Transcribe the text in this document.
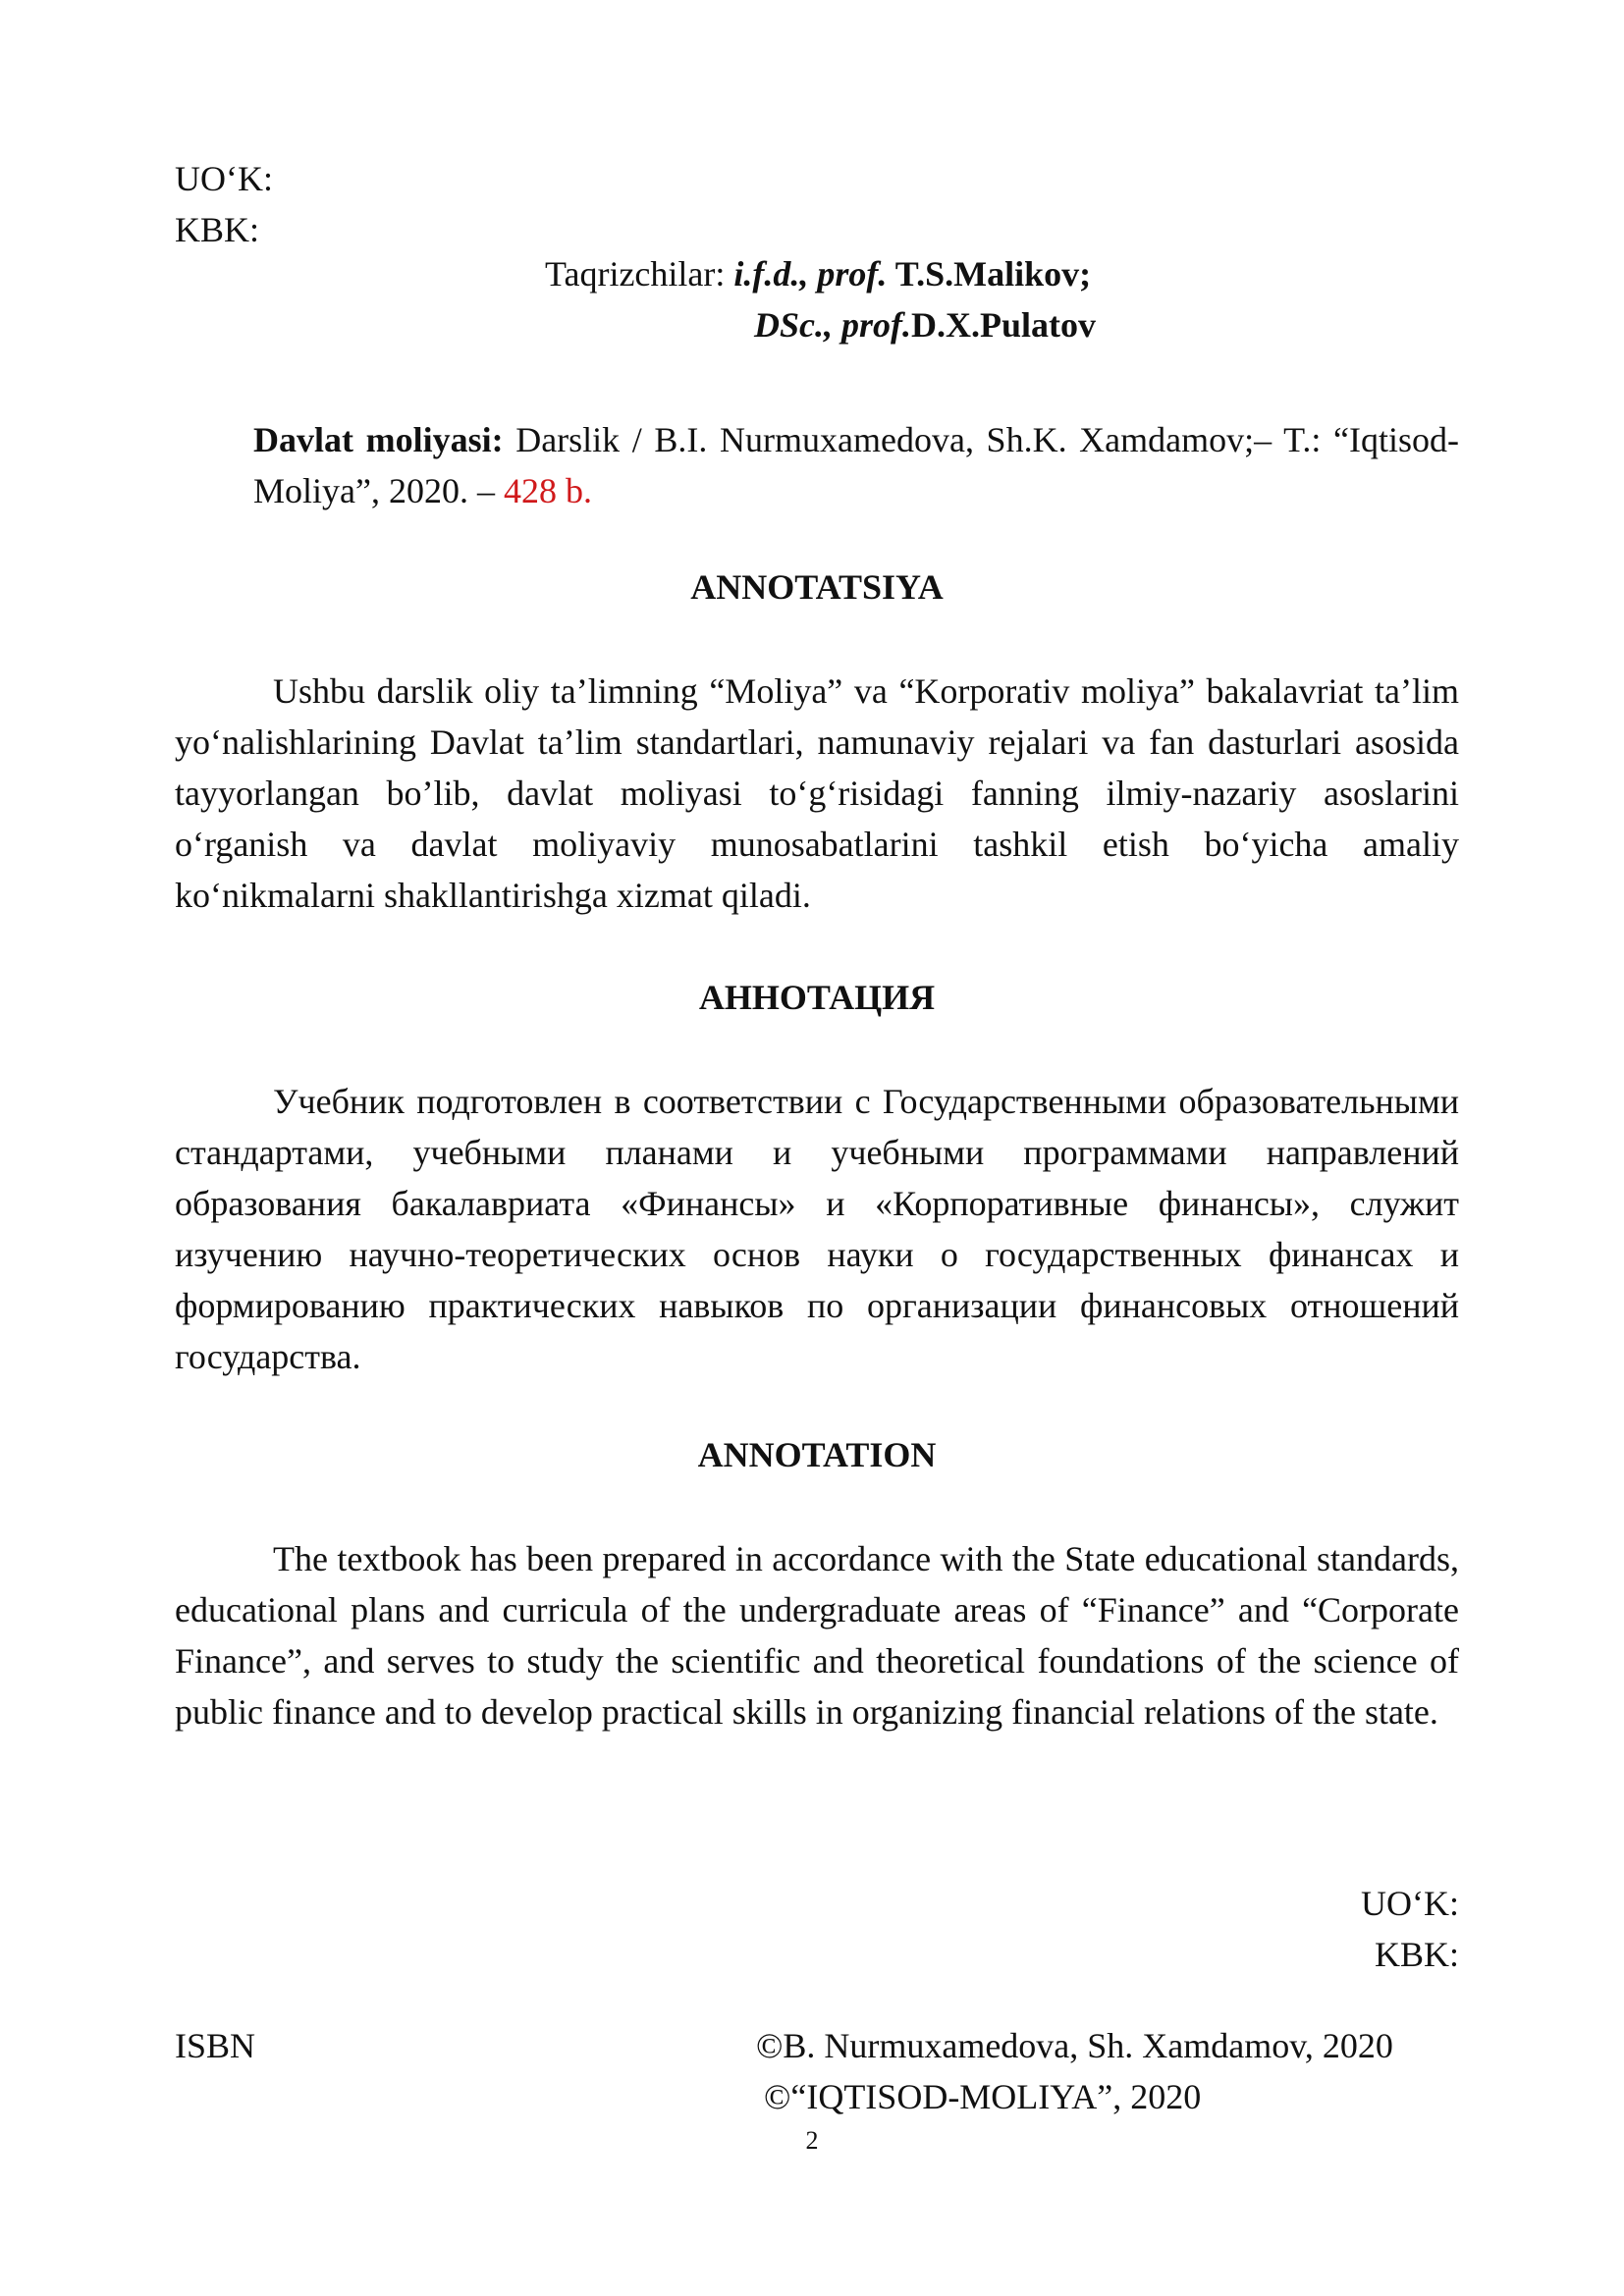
UO‘K:
KBK:
Taqrizchilar: i.f.d., prof. T.S.Malikov;
DSc., prof.D.X.Pulatov
Davlat moliyasi: Darslik / B.I. Nurmuxamedova, Sh.K. Xamdamov;– T.: “Iqtisod-Moliya”, 2020. – 428 b.
ANNOTATSIYA
Ushbu darslik oliy ta’limning “Moliya” va “Korporativ moliya” bakalavriat ta’lim yo‘nalishlarining Davlat ta’lim standartlari, namunaviy rejalari va fan dasturlari asosida tayyorlangan bo’lib, davlat moliyasi to‘g‘risidagi fanning ilmiy-nazariy asoslarini o‘rganish va davlat moliyaviy munosabatlarini tashkil etish bo‘yicha amaliy ko‘nikmalarni shakllantirishga xizmat qiladi.
АННОТАЦИЯ
Учебник подготовлен в соответствии с Государственными образовательными стандартами, учебными планами и учебными программами направлений образования бакалавриата «Финансы» и «Корпоративные финансы», служит изучению научно-теоретических основ науки о государственных финансах и формированию практических навыков по организации финансовых отношений государства.
ANNOTATION
The textbook has been prepared in accordance with the State educational standards, educational plans and curricula of the undergraduate areas of “Finance” and “Corporate Finance”, and serves to study the scientific and theoretical foundations of the science of public finance and to develop practical skills in organizing financial relations of the state.
UO‘K:
KBK:
ISBN	©B. Nurmuxamedova, Sh. Xamdamov, 2020
©“IQTISOD-MOLIYA”, 2020
2
